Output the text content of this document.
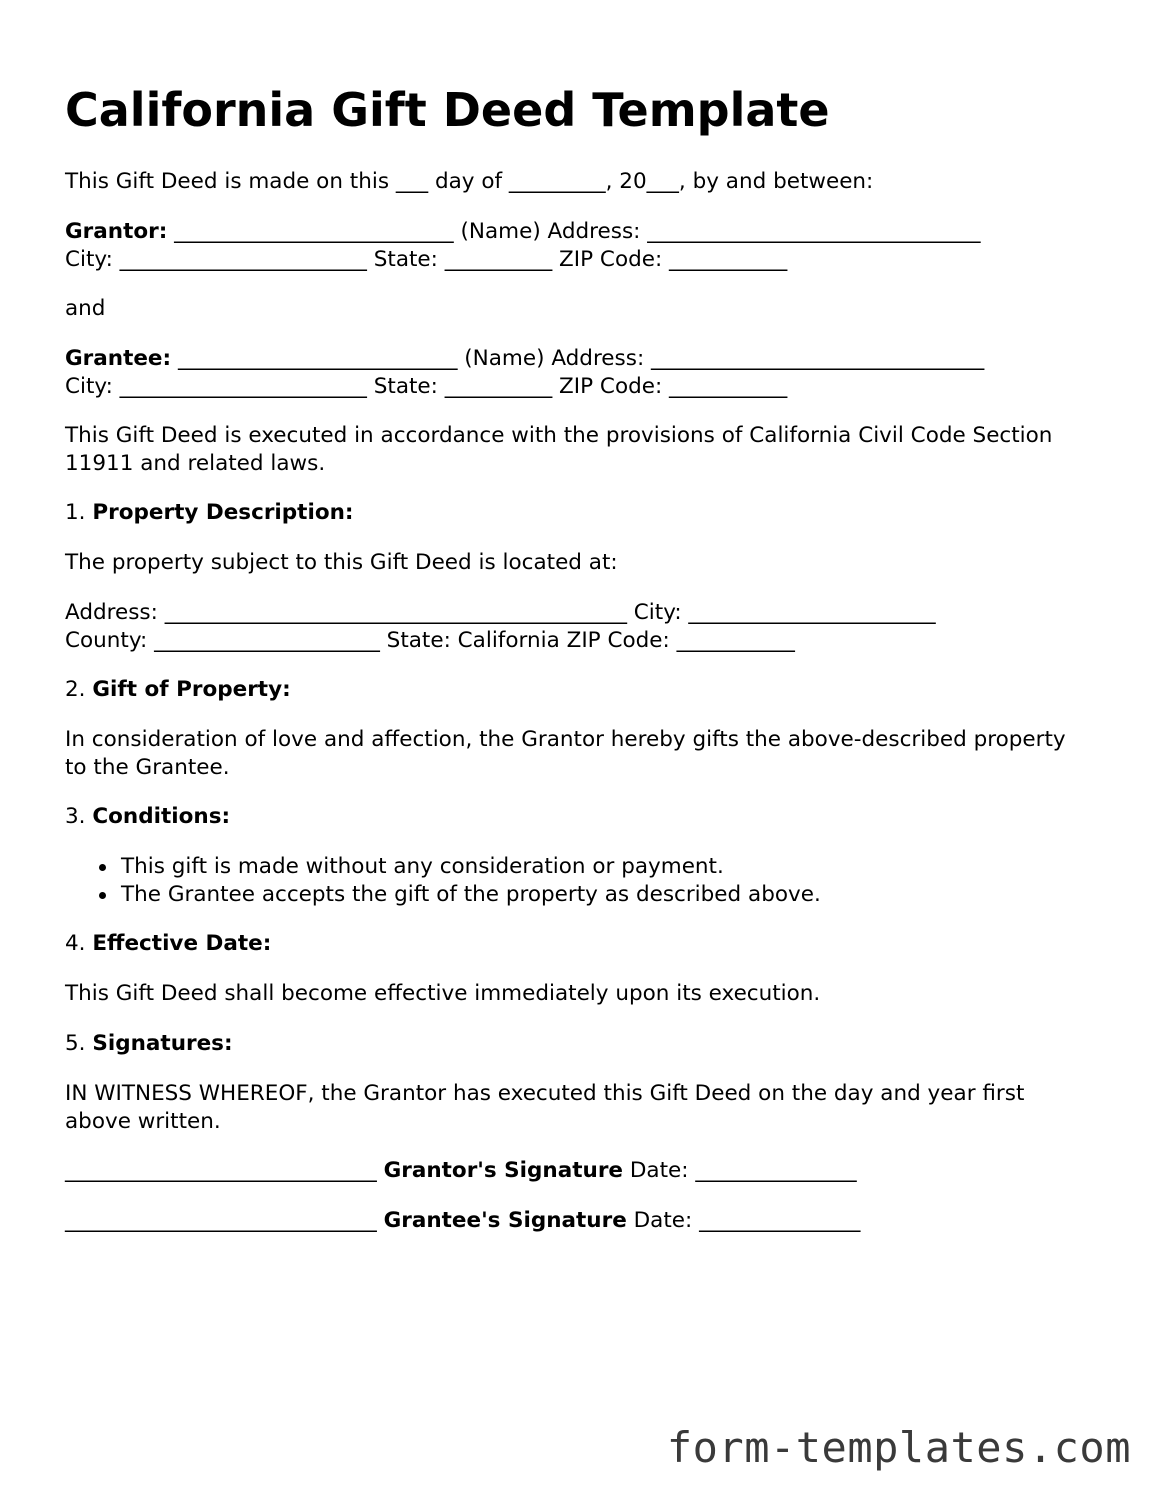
California Gift Deed Template
This Gift Deed is made on this ___ day of _________, 20___, by and between:
Grantor: __________________________ (Name) Address: _______________________________
City: _______________________ State: __________ ZIP Code: ___________
and
Grantee: __________________________ (Name) Address: _______________________________
City: _______________________ State: __________ ZIP Code: ___________
This Gift Deed is executed in accordance with the provisions of California Civil Code Section 11911 and related laws.
1. Property Description:
The property subject to this Gift Deed is located at:
Address: ___________________________________________ City: _______________________
County: _____________________ State: California ZIP Code: ___________
2. Gift of Property:
In consideration of love and affection, the Grantor hereby gifts the above-described property to the Grantee.
3. Conditions:
This gift is made without any consideration or payment.
The Grantee accepts the gift of the property as described above.
4. Effective Date:
This Gift Deed shall become effective immediately upon its execution.
5. Signatures:
IN WITNESS WHEREOF, the Grantor has executed this Gift Deed on the day and year first above written.
_____________________________ Grantor's Signature Date: _______________
_____________________________ Grantee's Signature Date: _______________
form-templates.com
